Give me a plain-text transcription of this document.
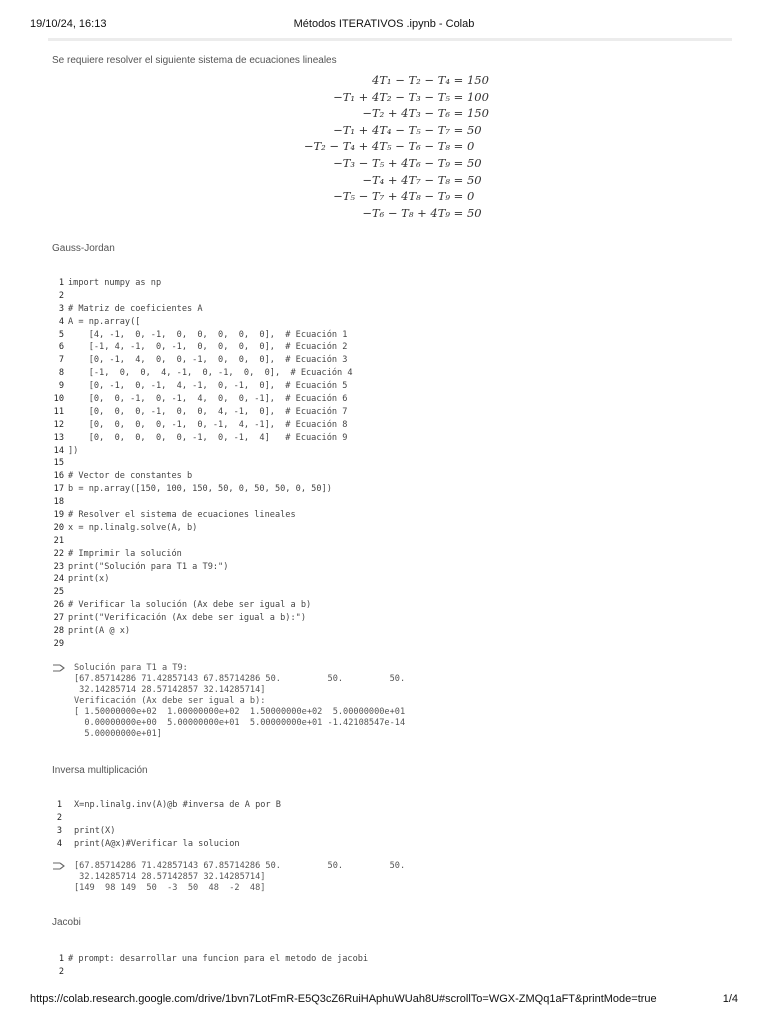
19/10/24, 16:13	Métodos ITERATIVOS .ipynb - Colab
Se requiere resolver el siguiente sistema de ecuaciones lineales
4T₁ − T₂ − T₄ = 150
−T₁ + 4T₂ − T₃ − T₅ = 100
−T₂ + 4T₃ − T₆ = 150
−T₁ + 4T₄ − T₅ − T₇ = 50
−T₂ − T₄ + 4T₅ − T₆ − T₈ = 0
−T₃ − T₅ + 4T₆ − T₉ = 50
−T₄ + 4T₇ − T₈ = 50
−T₅ − T₇ + 4T₈ − T₉ = 0
−T₆ − T₈ + 4T₉ = 50
Gauss-Jordan
1 import numpy as np
2
3 # Matriz de coeficientes A
4 A = np.array([
5    [4, -1,  0, -1,  0,  0,  0,  0,  0],  # Ecuación 1
6    [-1, 4, -1,  0, -1,  0,  0,  0,  0],  # Ecuación 2
7    [0, -1,  4,  0,  0, -1,  0,  0,  0],  # Ecuación 3
8    [-1,  0,  0,  4, -1,  0, -1,  0,  0],  # Ecuación 4
9    [0, -1,  0, -1,  4, -1,  0, -1,  0],  # Ecuación 5
10    [0,  0, -1,  0, -1,  4,  0,  0, -1],  # Ecuación 6
11    [0,  0,  0, -1,  0,  0,  4, -1,  0],  # Ecuación 7
12    [0,  0,  0,  0, -1,  0, -1,  4, -1],  # Ecuación 8
13    [0,  0,  0,  0,  0, -1,  0, -1,  4]   # Ecuación 9
14 ])
15
16 # Vector de constantes b
17 b = np.array([150, 100, 150, 50, 0, 50, 50, 0, 50])
18
19 # Resolver el sistema de ecuaciones lineales
20 x = np.linalg.solve(A, b)
21
22 # Imprimir la solución
23 print("Solución para T1 a T9:")
24 print(x)
25
26 # Verificar la solución (Ax debe ser igual a b)
27 print("Verificación (Ax debe ser igual a b):")
28 print(A @ x)
29
Solución para T1 a T9:
[67.85714286 71.42857143 67.85714286 50.         50.         50.
32.14285714 28.57142857 32.14285714]
Verificación (Ax debe ser igual a b):
[ 1.50000000e+02  1.00000000e+02  1.50000000e+02  5.00000000e+01
0.00000000e+00  5.00000000e+01  5.00000000e+01 -1.42108547e-14
5.00000000e+01]
Inversa multiplicación
1 X=np.linalg.inv(A)@b #inversa de A por B
2
3 print(X)
4 print(A@x)#Verificar la solucion
[67.85714286 71.42857143 67.85714286 50.         50.         50.
32.14285714 28.57142857 32.14285714]
[149  98 149  50  -3  50  48  -2  48]
Jacobi
1 # prompt: desarrollar una funcion para el metodo de jacobi
2
https://colab.research.google.com/drive/1bvn7LotFmR-E5Q3cZ6RuiHAphuWUah8U#scrollTo=WGX-ZMQq1aFT&printMode=true	1/4
